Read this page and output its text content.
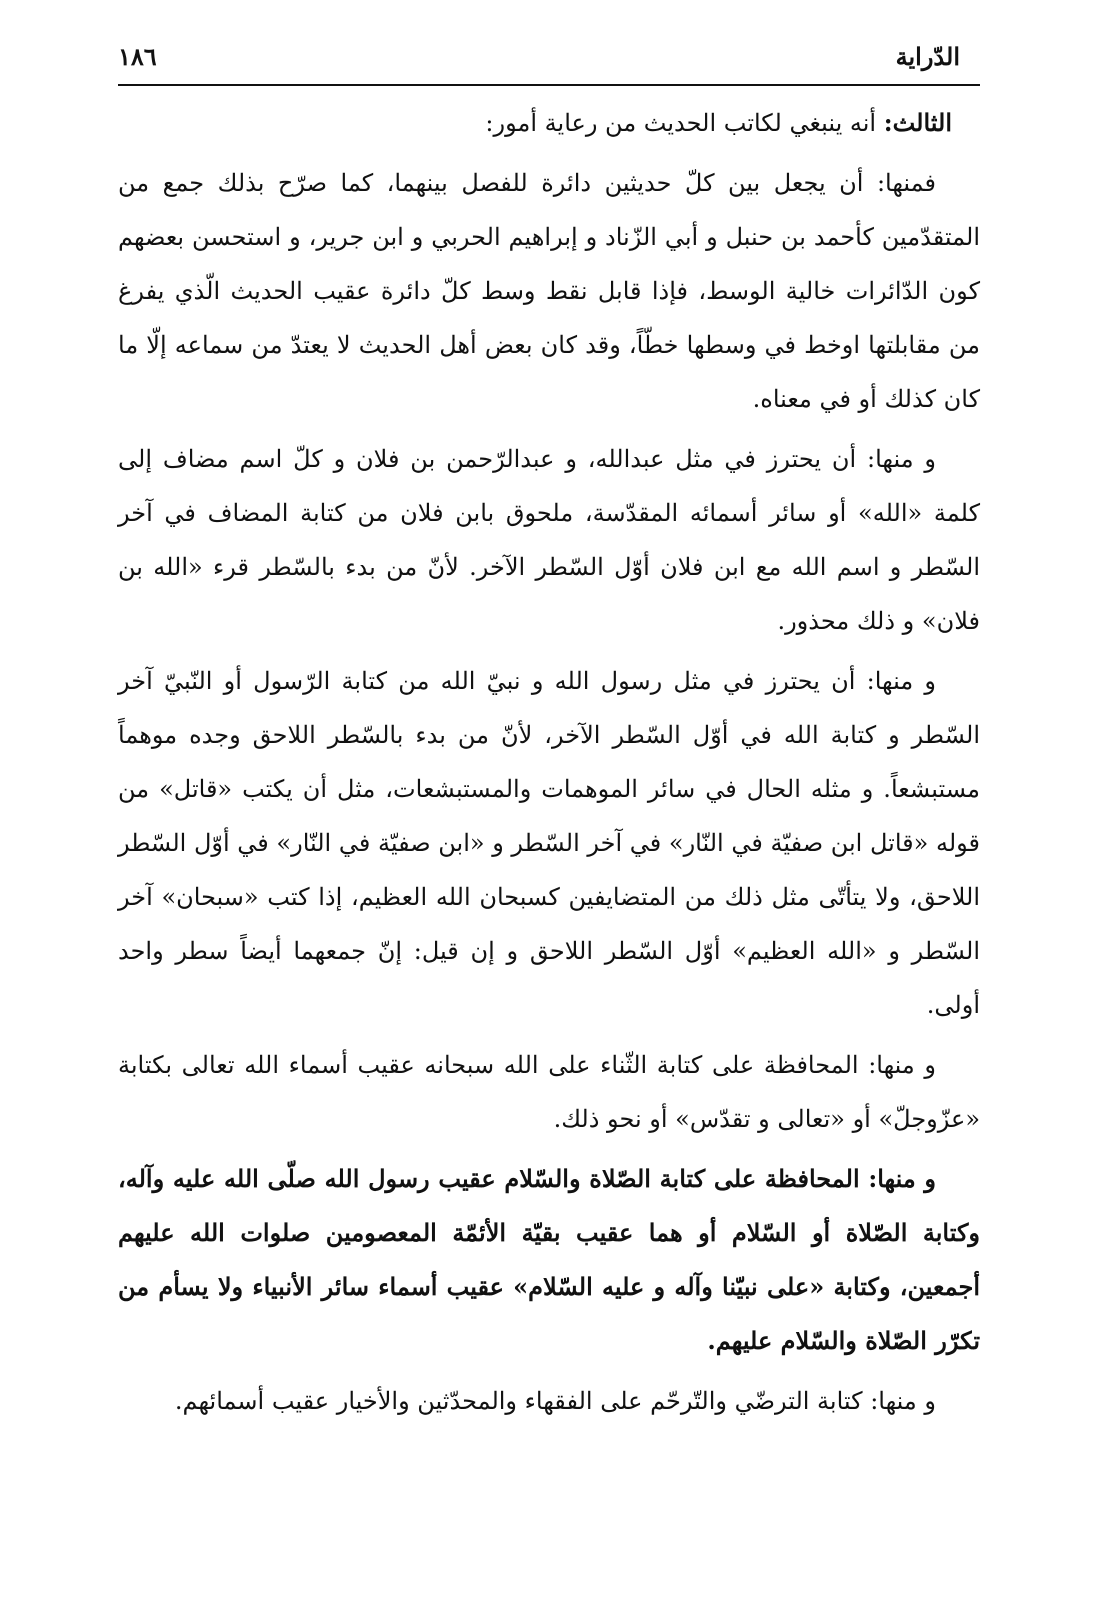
١٨٦	الدّراية

الثالث: أنه ينبغي لكاتب الحديث من رعاية أمور:

فمنها: أن يجعل بين كلّ حديثين دائرة للفصل بينهما، كما صرّح بذلك جمع من المتقدّمين كأحمد بن حنبل و أبي الزّناد و إبراهيم الحربي و ابن جرير، و استحسن بعضهم كون الدّائرات خالية الوسط، فإذا قابل نقط وسط كلّ دائرة عقيب الحديث الّذي يفرغ من مقابلتها اوخط في وسطها خطّاً، وقد كان بعض أهل الحديث لا يعتدّ من سماعه إلّا ما كان كذلك أو في معناه.

و منها: أن يحترز في مثل عبدالله، و عبدالرّحمن بن فلان و كلّ اسم مضاف إلى كلمة «الله» أو سائر أسمائه المقدّسة، ملحوق بابن فلان من كتابة المضاف في آخر السّطر و اسم الله مع ابن فلان أوّل السّطر الآخر. لأنّ من بدء بالسّطر قرء «الله بن فلان» و ذلك محذور.

و منها: أن يحترز في مثل رسول الله و نبيّ الله من كتابة الرّسول أو النّبيّ آخر السّطر و كتابة الله في أوّل السّطر الآخر، لأنّ من بدء بالسّطر اللاحق وجده موهماً مستبشعاً. و مثله الحال في سائر الموهمات والمستبشعات، مثل أن يكتب «قاتل» من قوله «قاتل ابن صفيّة في النّار» في آخر السّطر و «ابن صفيّة في النّار» في أوّل السّطر اللاحق، ولا يتأتّى مثل ذلك من المتضايفين كسبحان الله العظيم، إذا كتب «سبحان» آخر السّطر و «الله العظيم» أوّل السّطر اللاحق و إن قيل: إنّ جمعهما أيضاً سطر واحد أولى.

و منها: المحافظة على كتابة الثّناء على الله سبحانه عقيب أسماء الله تعالى بكتابة «عزّوجلّ» أو «تعالى و تقدّس» أو نحو ذلك.

و منها: المحافظة على كتابة الصّلاة والسّلام عقيب رسول الله صلّى الله عليه وآله، وكتابة الصّلاة أو السّلام أو هما عقيب بقيّة الأئمّة المعصومين صلوات الله عليهم أجمعين، وكتابة «على نبيّنا وآله و عليه السّلام» عقيب أسماء سائر الأنبياء ولا يسأم من تكرّر الصّلاة والسّلام عليهم.

و منها: كتابة الترضّي والتّرحّم على الفقهاء والمحدّثين والأخيار عقيب أسمائهم.
